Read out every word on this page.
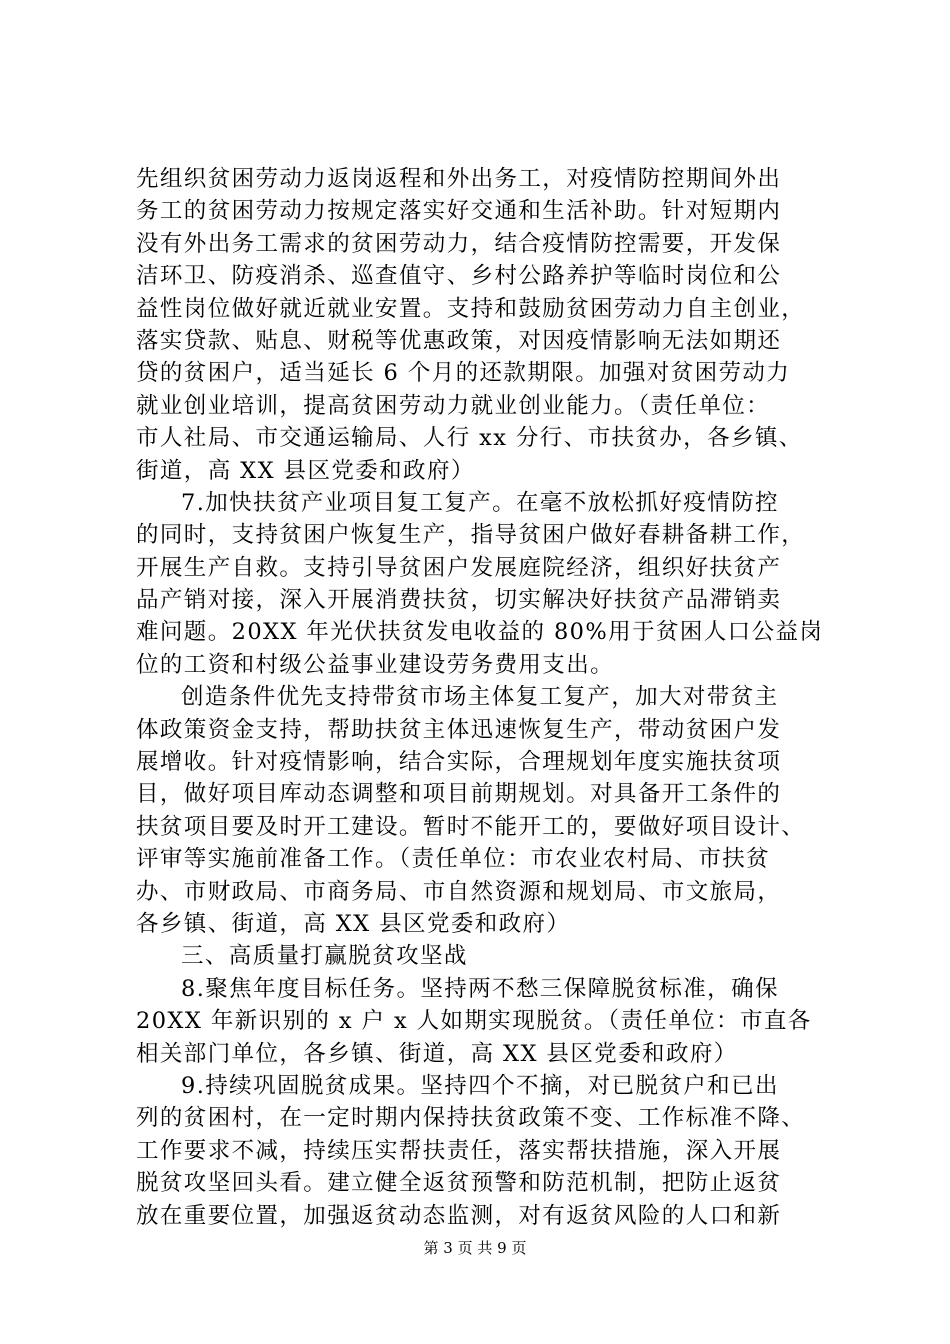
先组织贫困劳动力返岗返程和外出务工，对疫情防控期间外出
务工的贫困劳动力按规定落实好交通和生活补助。针对短期内
没有外出务工需求的贫困劳动力，结合疫情防控需要，开发保
洁环卫、防疫消杀、巡查值守、乡村公路养护等临时岗位和公
益性岗位做好就近就业安置。支持和鼓励贫困劳动力自主创业，
落实贷款、贴息、财税等优惠政策，对因疫情影响无法如期还
贷的贫困户，适当延长 6 个月的还款期限。加强对贫困劳动力
就业创业培训，提高贫困劳动力就业创业能力。（责任单位：
市人社局、市交通运输局、人行 xx 分行、市扶贫办，各乡镇、
街道，高 XX 县区党委和政府）
7.加快扶贫产业项目复工复产。在毫不放松抓好疫情防控
的同时，支持贫困户恢复生产，指导贫困户做好春耕备耕工作，
开展生产自救。支持引导贫困户发展庭院经济，组织好扶贫产
品产销对接，深入开展消费扶贫，切实解决好扶贫产品滞销卖
难问题。20XX 年光伏扶贫发电收益的 80%用于贫困人口公益岗
位的工资和村级公益事业建设劳务费用支出。
创造条件优先支持带贫市场主体复工复产，加大对带贫主
体政策资金支持，帮助扶贫主体迅速恢复生产，带动贫困户发
展增收。针对疫情影响，结合实际，合理规划年度实施扶贫项
目，做好项目库动态调整和项目前期规划。对具备开工条件的
扶贫项目要及时开工建设。暂时不能开工的，要做好项目设计、
评审等实施前准备工作。（责任单位：市农业农村局、市扶贫
办、市财政局、市商务局、市自然资源和规划局、市文旅局，
各乡镇、街道，高 XX 县区党委和政府）
三、高质量打赢脱贫攻坚战
8.聚焦年度目标任务。坚持两不愁三保障脱贫标准，确保
20XX 年新识别的 x 户 x 人如期实现脱贫。（责任单位：市直各
相关部门单位，各乡镇、街道，高 XX 县区党委和政府）
9.持续巩固脱贫成果。坚持四个不摘，对已脱贫户和已出
列的贫困村，在一定时期内保持扶贫政策不变、工作标准不降、
工作要求不减，持续压实帮扶责任，落实帮扶措施，深入开展
脱贫攻坚回头看。建立健全返贫预警和防范机制，把防止返贫
放在重要位置，加强返贫动态监测，对有返贫风险的人口和新
第 3 页 共 9 页
